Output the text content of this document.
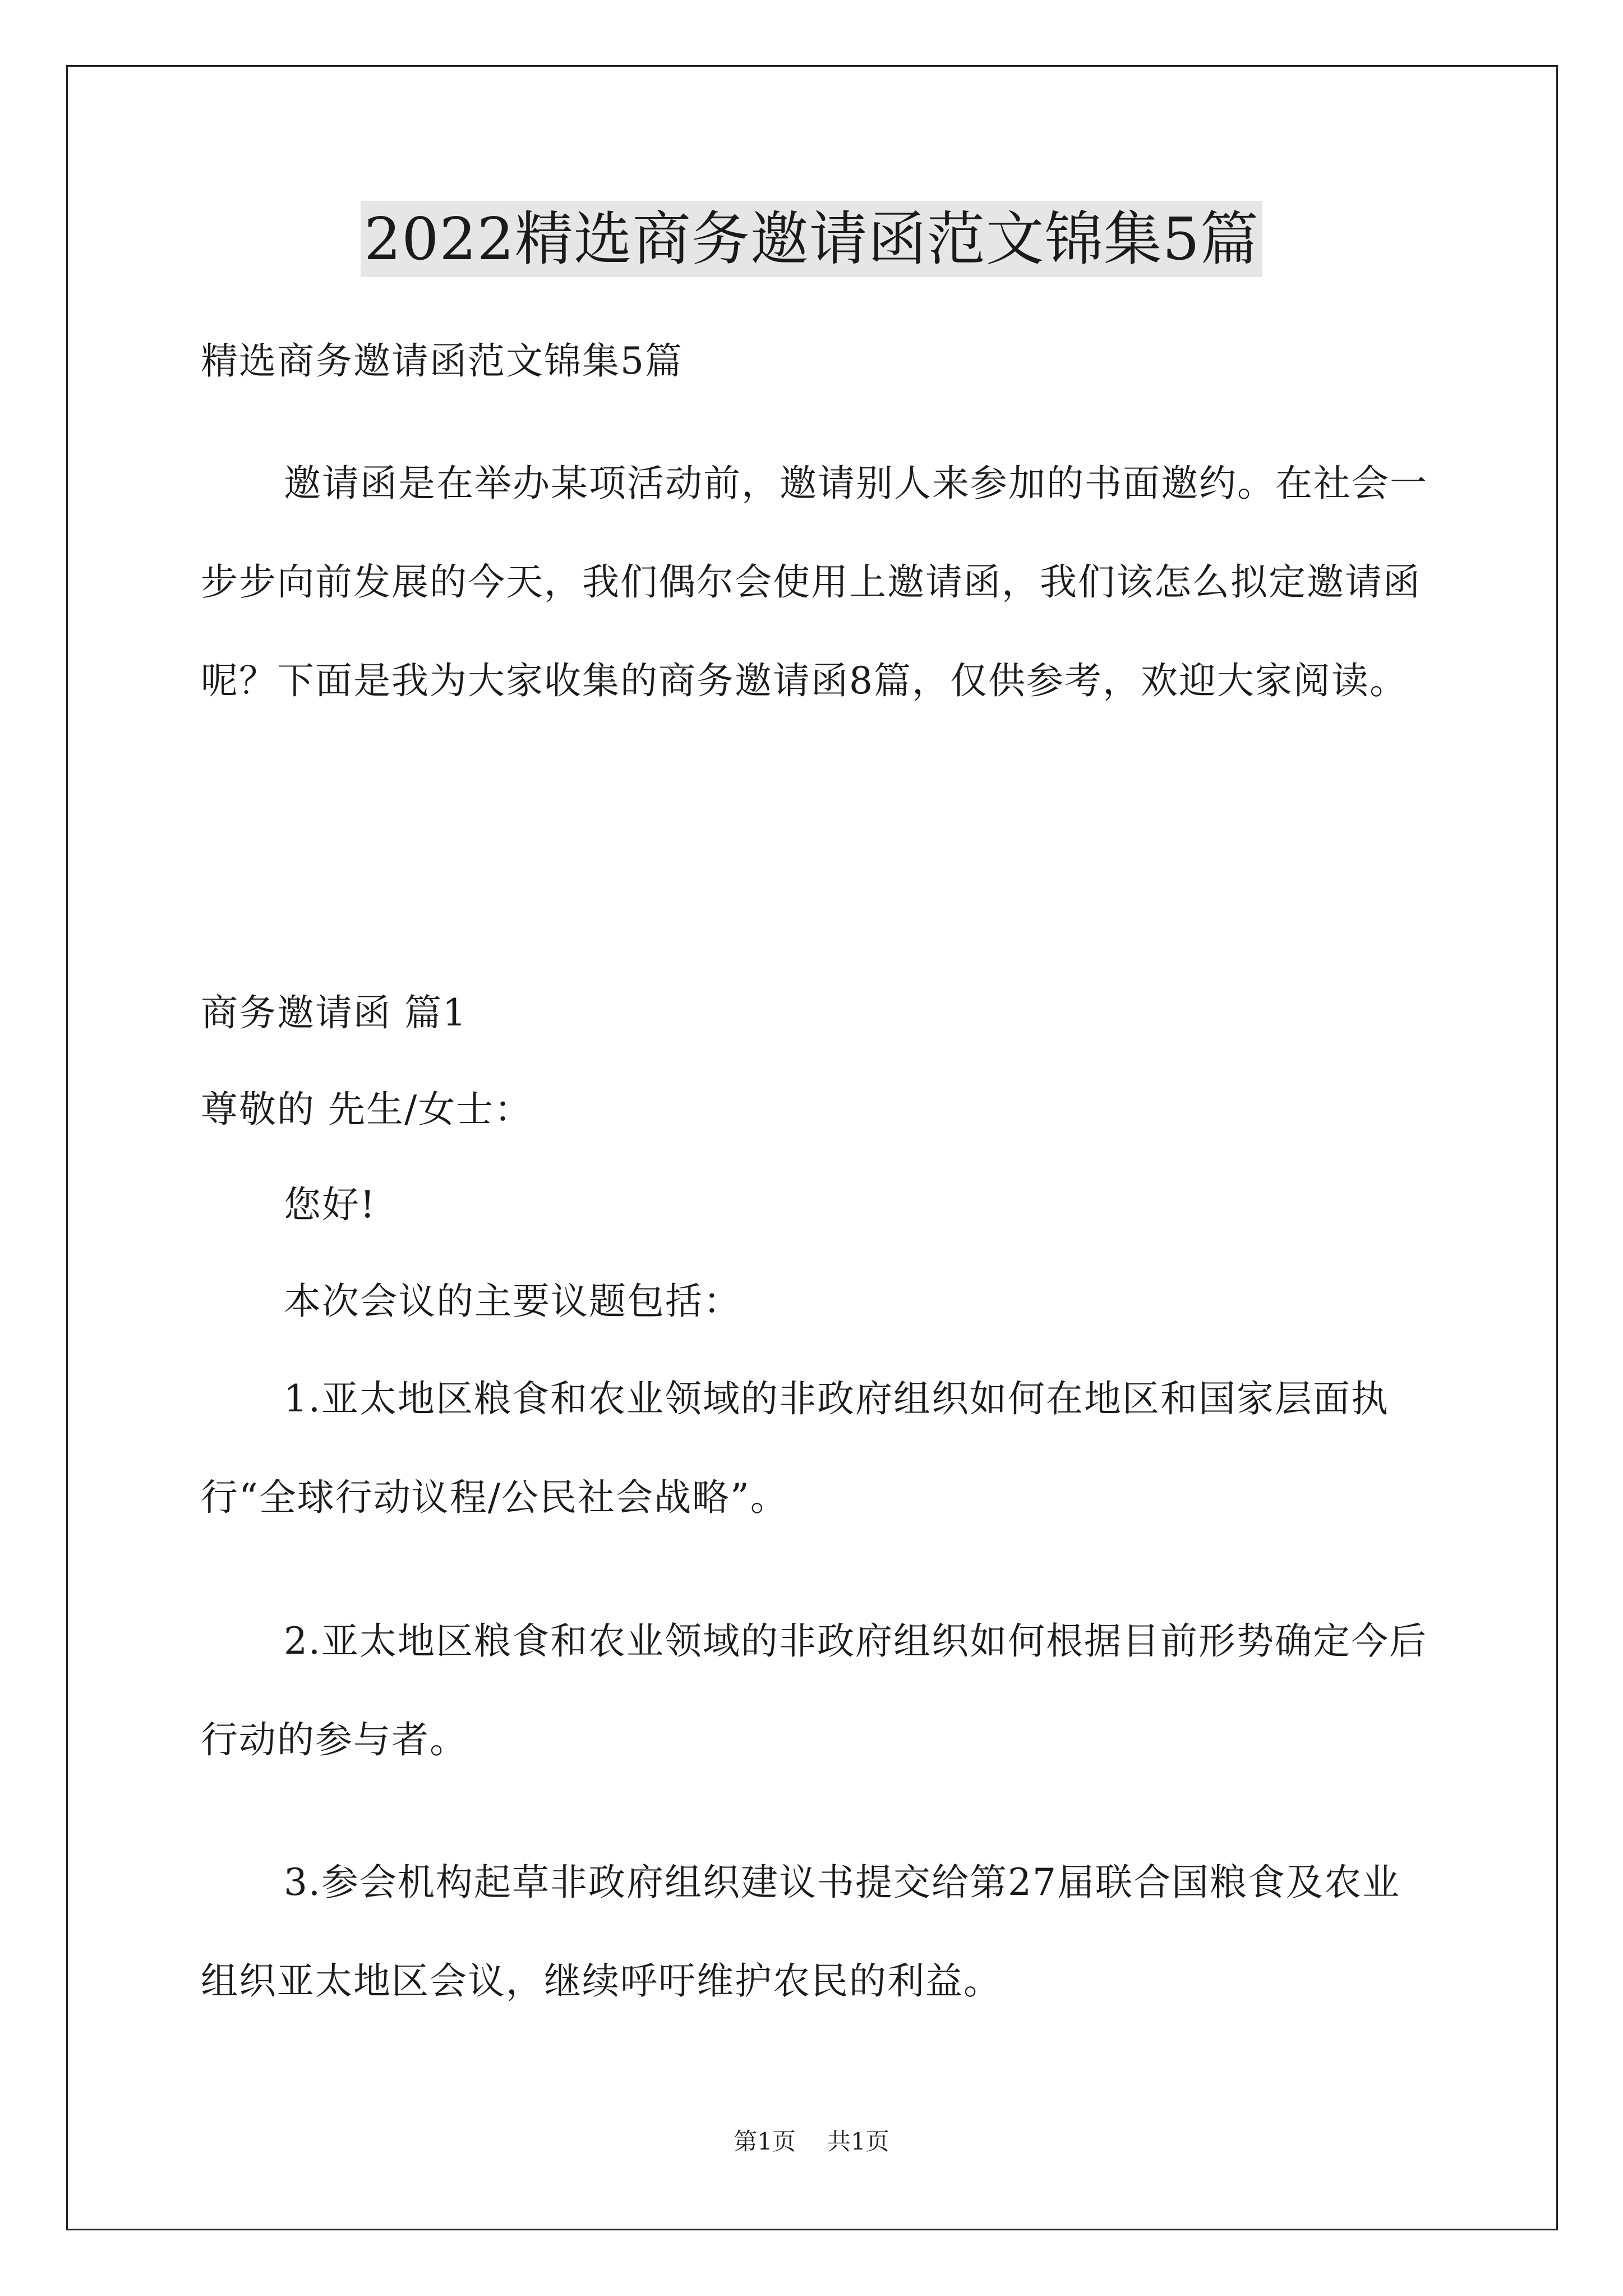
2022精选商务邀请函范文锦集5篇

精选商务邀请函范文锦集5篇

邀请函是在举办某项活动前，邀请别人来参加的书面邀约。在社会一步步向前发展的今天，我们偶尔会使用上邀请函，我们该怎么拟定邀请函呢？下面是我为大家收集的商务邀请函8篇，仅供参考，欢迎大家阅读。

商务邀请函 篇1

尊敬的 先生/女士：

您好!

本次会议的主要议题包括：

1.亚太地区粮食和农业领域的非政府组织如何在地区和国家层面执行“全球行动议程/公民社会战略”。

2.亚太地区粮食和农业领域的非政府组织如何根据目前形势确定今后行动的参与者。

3.参会机构起草非政府组织建议书提交给第27届联合国粮食及农业组织亚太地区会议，继续呼吁维护农民的利益。

第1页 共1页
